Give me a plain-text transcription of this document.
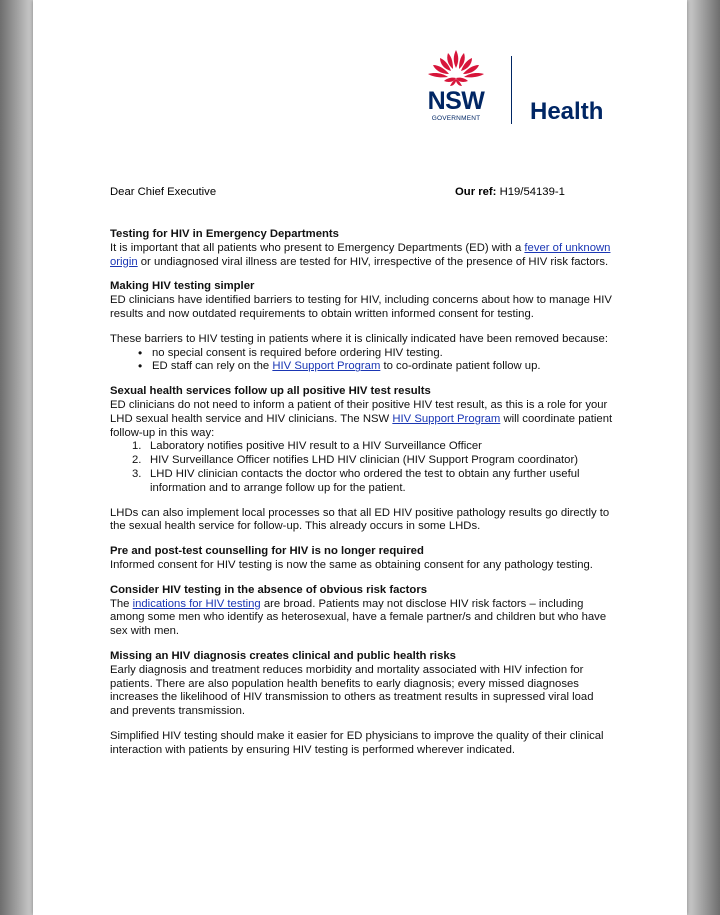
NSW
GOVERNMENT	Health
Dear Chief Executive	Our ref: H19/54139-1
Testing for HIV in Emergency Departments

It is important that all patients who present to Emergency Departments (ED) with a fever of unknown origin or undiagnosed viral illness are tested for HIV, irrespective of the presence of HIV risk factors.

Making HIV testing simpler

ED clinicians have identified barriers to testing for HIV, including concerns about how to manage HIV results and now outdated requirements to obtain written informed consent for testing.

These barriers to HIV testing in patients where it is clinically indicated have been removed because:

• no special consent is required before ordering HIV testing.
• ED staff can rely on the HIV Support Program to co-ordinate patient follow up.
Sexual health services follow up all positive HIV test results

ED clinicians do not need to inform a patient of their positive HIV test result, as this is a role for your LHD sexual health service and HIV clinicians. The NSW HIV Support Program will coordinate patient follow-up in this way:

1. Laboratory notifies positive HIV result to a HIV Surveillance Officer
2. HIV Surveillance Officer notifies LHD HIV clinician (HIV Support Program coordinator)
3. LHD HIV clinician contacts the doctor who ordered the test to obtain any further useful information and to arrange follow up for the patient.

LHDs can also implement local processes so that all ED HIV positive pathology results go directly to the sexual health service for follow-up. This already occurs in some LHDs.

Pre and post-test counselling for HIV is no longer required

Informed consent for HIV testing is now the same as obtaining consent for any pathology testing.

Consider HIV testing in the absence of obvious risk factors

The indications for HIV testing are broad. Patients may not disclose HIV risk factors – including among some men who identify as heterosexual, have a female partner/s and children but who have sex with men.

Missing an HIV diagnosis creates clinical and public health risks

Early diagnosis and treatment reduces morbidity and mortality associated with HIV infection for patients. There are also population health benefits to early diagnosis; every missed diagnoses increases the likelihood of HIV transmission to others as treatment results in supressed viral load and prevents transmission.

Simplified HIV testing should make it easier for ED physicians to improve the quality of their clinical interaction with patients by ensuring HIV testing is performed wherever indicated.
